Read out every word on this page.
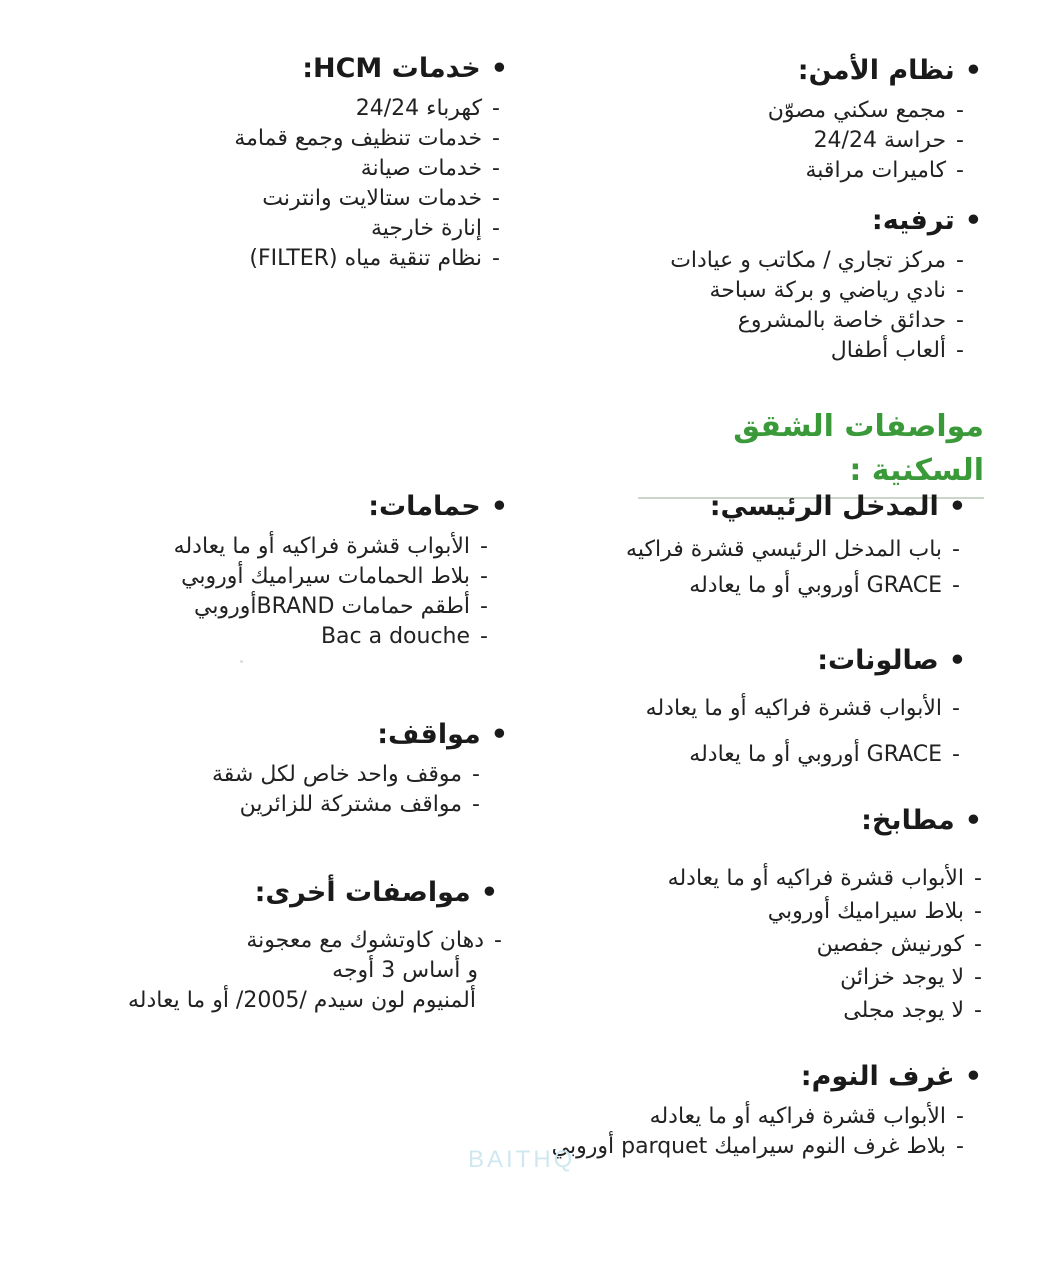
•نظام الأمن:
-مجمع سكني مصوّن
-حراسة 24/24
-كاميرات مراقبة
•خدمات HCM:
-كهرباء 24/24
-خدمات تنظيف وجمع قمامة
-خدمات صيانة
-خدمات ستالايت وانترنت
-إنارة خارجية
-نظام تنقية مياه (FILTER)
•ترفيه:
-مركز تجاري / مكاتب و عيادات
-نادي رياضي و بركة سباحة
-حدائق خاصة بالمشروع
-ألعاب أطفال
مواصفات الشقق السكنية :
•المدخل الرئيسي:
-باب المدخل الرئيسي قشرة فراكيه
-GRACE أوروبي أو ما يعادله
•حمامات:
-الأبواب قشرة فراكيه أو ما يعادله
-بلاط الحمامات سيراميك أوروبي
-أطقم حمامات BRANDأوروبي
-Bac a douche
•صالونات:
-الأبواب قشرة فراكيه أو ما يعادله
-GRACE أوروبي أو ما يعادله
•مواقف:
-موقف واحد خاص لكل شقة
-مواقف مشتركة للزائرين
•مطابخ:
-الأبواب قشرة فراكيه أو ما يعادله
-بلاط سيراميك أوروبي
-كورنيش جفصين
-لا يوجد خزائن
-لا يوجد مجلى
•مواصفات أخرى:
-دهان كاوتشوك مع معجونة
و أساس 3 أوجه
ألمنيوم لون سيدم /2005/ أو ما يعادله
•غرف النوم:
-الأبواب قشرة فراكيه أو ما يعادله
-بلاط غرف النوم سيراميك parquet أوروبي
BAITHQ
